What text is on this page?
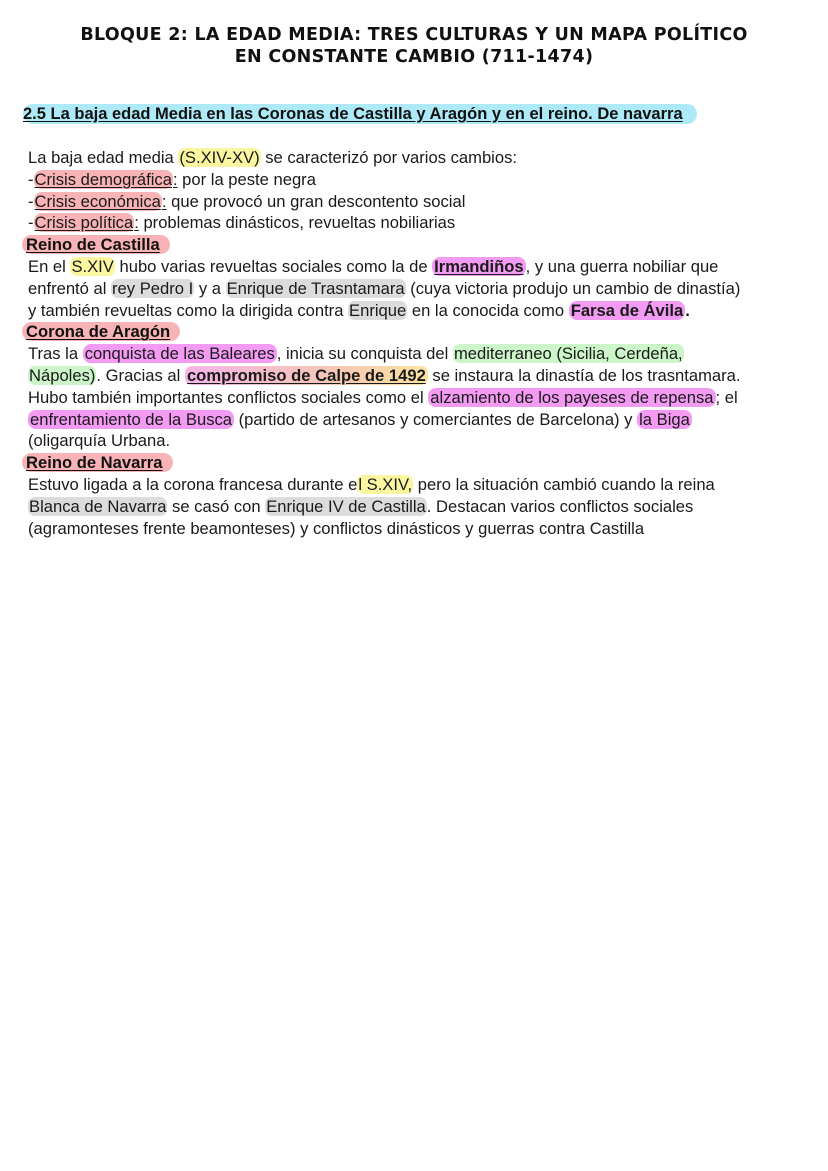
BLOQUE 2: LA EDAD MEDIA: TRES CULTURAS Y UN MAPA POLÍTICO
EN CONSTANTE CAMBIO (711-1474)
2.5 La baja edad Media en las Coronas de Castilla y Aragón y en el reino. De navarra
La baja edad media (S.XIV-XV) se caracterizó por varios cambios:
-Crisis demográfica: por la peste negra
-Crisis económica: que provocó un gran descontento social
-Crisis política: problemas dinásticos, revueltas nobiliarias
Reino de Castilla
En el S.XIV hubo varias revueltas sociales como la de Irmandiños , y una guerra nobiliar que
enfrentó al rey Pedro I y a Enrique de Trasntamara (cuya victoria produjo un cambio de dinastía)
y también revueltas como la dirigida contra Enrique en la conocida como Farsa de Ávila .
Corona de Aragón
Tras la conquista de las Baleares , inicia su conquista del mediterraneo (Sicilia, Cerdeña,
Nápoles). Gracias al compromiso de Calpe de 1492 se instaura la dinastía de los trasntamara.
Hubo también importantes conflictos sociales como el alzamiento de los payeses de repensa ; el
enfrentamiento de la Busca (partido de artesanos y comerciantes de Barcelona) y la Biga
(oligarquía Urbana.
Reino de Navarra
Estuvo ligada a la corona francesa durante el S.XIV, pero la situación cambió cuando la reina
Blanca de Navarra se casó con Enrique IV de Castilla. Destacan varios conflictos sociales
(agramonteses frente beamonteses) y conflictos dinásticos y guerras contra Castilla
